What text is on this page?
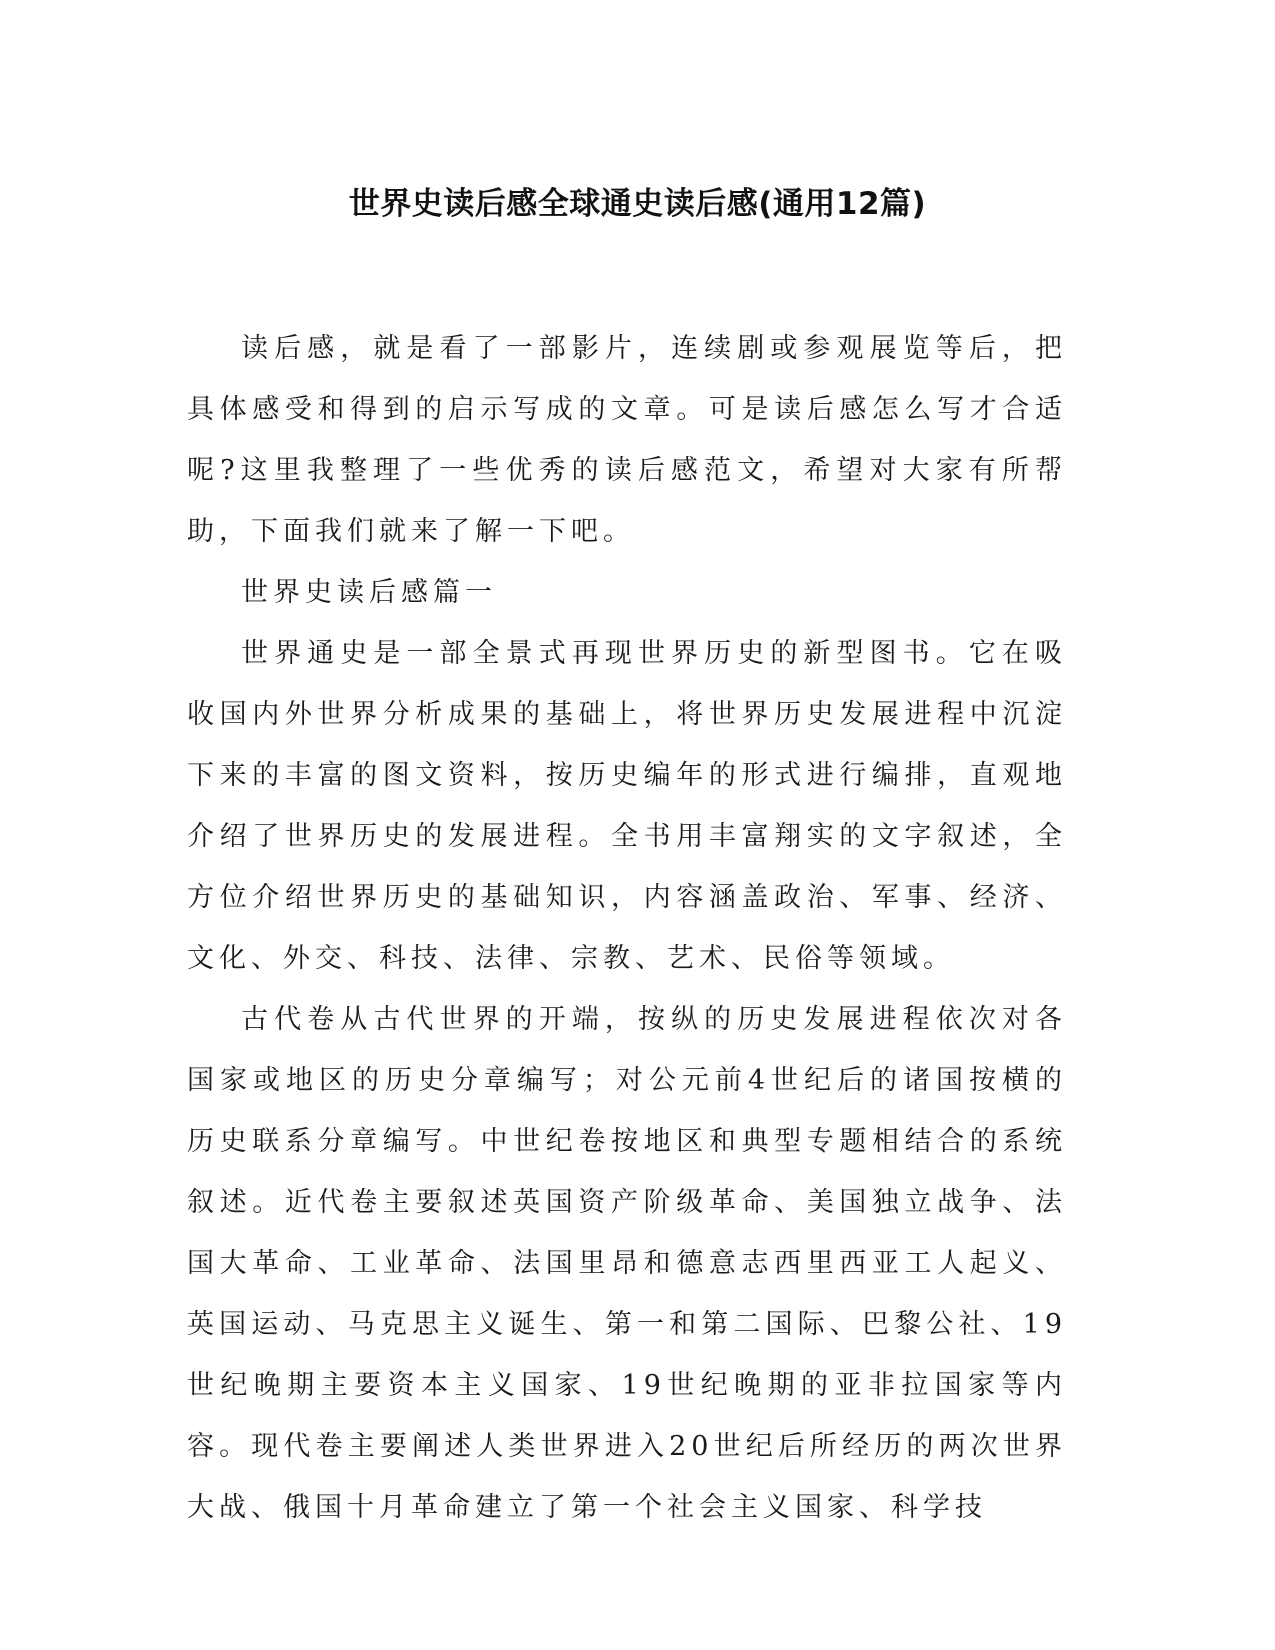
世界史读后感全球通史读后感(通用12篇)

读后感，就是看了一部影片，连续剧或参观展览等后，把具体感受和得到的启示写成的文章。可是读后感怎么写才合适呢?这里我整理了一些优秀的读后感范文，希望对大家有所帮助，下面我们就来了解一下吧。

世界史读后感篇一

世界通史是一部全景式再现世界历史的新型图书。它在吸收国内外世界分析成果的基础上，将世界历史发展进程中沉淀下来的丰富的图文资料，按历史编年的形式进行编排，直观地介绍了世界历史的发展进程。全书用丰富翔实的文字叙述，全方位介绍世界历史的基础知识，内容涵盖政治、军事、经济、文化、外交、科技、法律、宗教、艺术、民俗等领域。

古代卷从古代世界的开端，按纵的历史发展进程依次对各国家或地区的历史分章编写；对公元前4世纪后的诸国按横的历史联系分章编写。中世纪卷按地区和典型专题相结合的系统叙述。近代卷主要叙述英国资产阶级革命、美国独立战争、法国大革命、工业革命、法国里昂和德意志西里西亚工人起义、英国运动、马克思主义诞生、第一和第二国际、巴黎公社、19世纪晚期主要资本主义国家、19世纪晚期的亚非拉国家等内容。现代卷主要阐述人类世界进入20世纪后所经历的两次世界大战、俄国十月革命建立了第一个社会主义国家、科学技
